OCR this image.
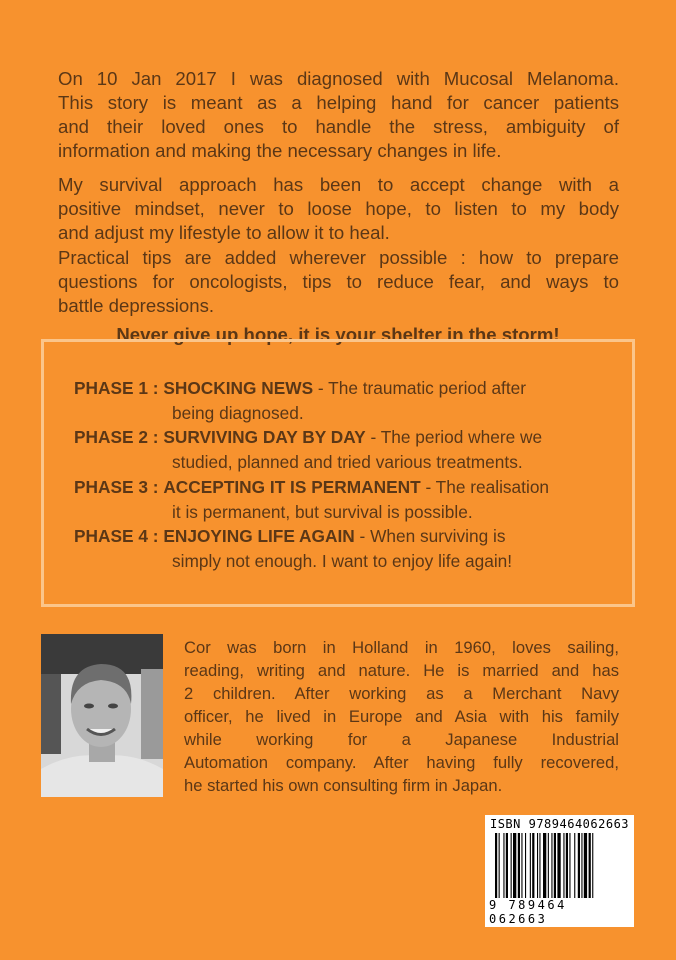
On 10 Jan 2017 I was diagnosed with Mucosal Melanoma.
This story is meant as a helping hand for cancer patients
and their loved ones to handle the stress, ambiguity of
information and making the necessary changes in life.
My survival approach has been to accept change with a
positive mindset, never to loose hope, to listen to my body
and adjust my lifestyle to allow it to heal.
Practical tips are added wherever possible : how to prepare
questions for oncologists, tips to reduce fear, and ways to
battle depressions.
Never give up hope, it is your shelter in the storm!
PHASE 1 : SHOCKING NEWS - The traumatic period after
being diagnosed.
PHASE 2 : SURVIVING DAY BY DAY - The period where we
studied, planned and tried various treatments.
PHASE 3 : ACCEPTING IT IS PERMANENT - The realisation
it is permanent, but survival is possible.
PHASE 4 : ENJOYING LIFE AGAIN - When surviving is
simply not enough. I want to enjoy life again!
Cor was born in Holland in 1960, loves sailing,
reading, writing and nature. He is married and has
2 children. After working as a Merchant Navy
officer, he lived in Europe and Asia with his family
while working for a Japanese Industrial
Automation company. After having fully recovered,
he started his own consulting firm in Japan.
ISBN 9789464062663
9 789464 062663
